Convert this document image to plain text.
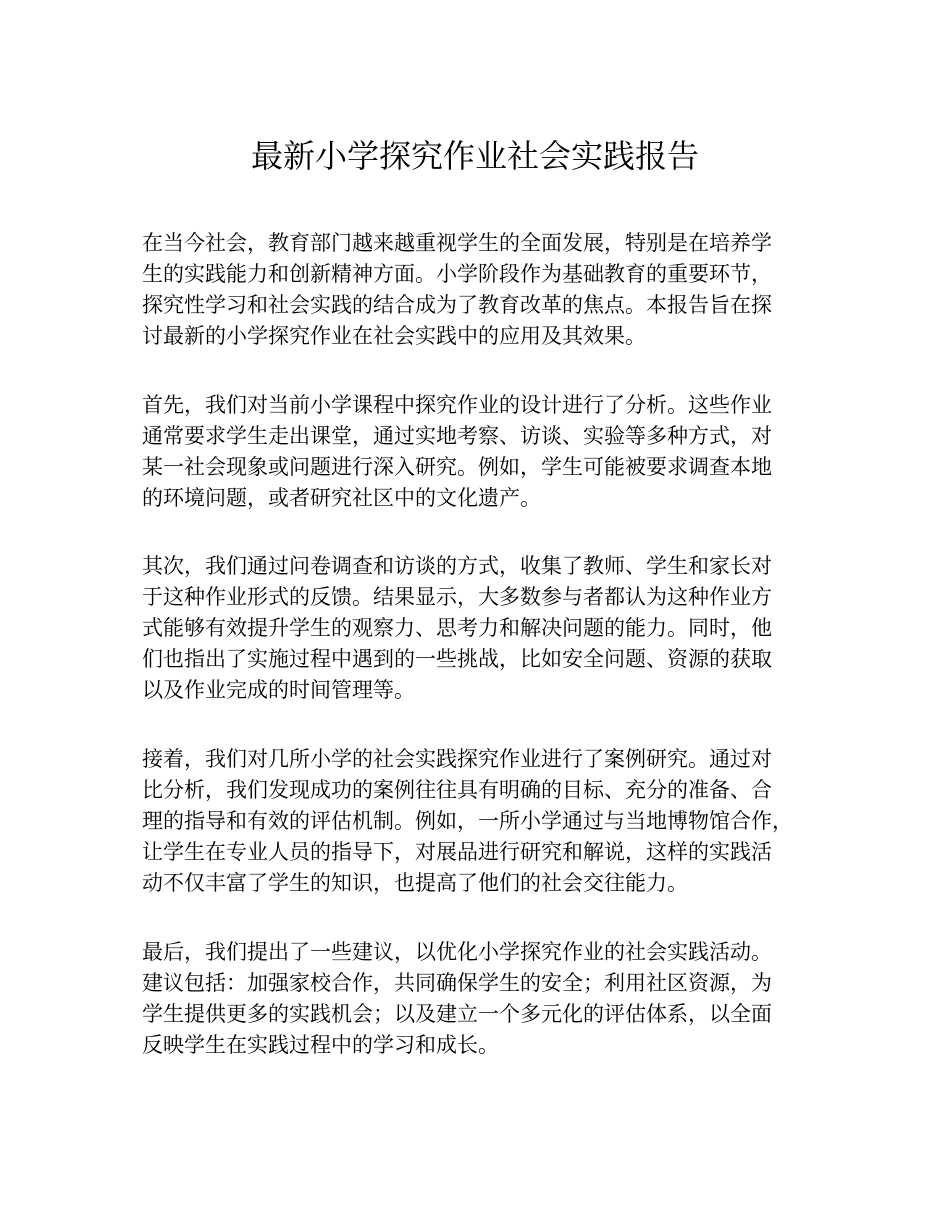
最新小学探究作业社会实践报告
在当今社会，教育部门越来越重视学生的全面发展，特别是在培养学
生的实践能力和创新精神方面。小学阶段作为基础教育的重要环节，
探究性学习和社会实践的结合成为了教育改革的焦点。本报告旨在探
讨最新的小学探究作业在社会实践中的应用及其效果。
首先，我们对当前小学课程中探究作业的设计进行了分析。这些作业
通常要求学生走出课堂，通过实地考察、访谈、实验等多种方式，对
某一社会现象或问题进行深入研究。例如，学生可能被要求调查本地
的环境问题，或者研究社区中的文化遗产。
其次，我们通过问卷调查和访谈的方式，收集了教师、学生和家长对
于这种作业形式的反馈。结果显示，大多数参与者都认为这种作业方
式能够有效提升学生的观察力、思考力和解决问题的能力。同时，他
们也指出了实施过程中遇到的一些挑战，比如安全问题、资源的获取
以及作业完成的时间管理等。
接着，我们对几所小学的社会实践探究作业进行了案例研究。通过对
比分析，我们发现成功的案例往往具有明确的目标、充分的准备、合
理的指导和有效的评估机制。例如，一所小学通过与当地博物馆合作，
让学生在专业人员的指导下，对展品进行研究和解说，这样的实践活
动不仅丰富了学生的知识，也提高了他们的社会交往能力。
最后，我们提出了一些建议，以优化小学探究作业的社会实践活动。
建议包括：加强家校合作，共同确保学生的安全；利用社区资源，为
学生提供更多的实践机会；以及建立一个多元化的评估体系，以全面
反映学生在实践过程中的学习和成长。
